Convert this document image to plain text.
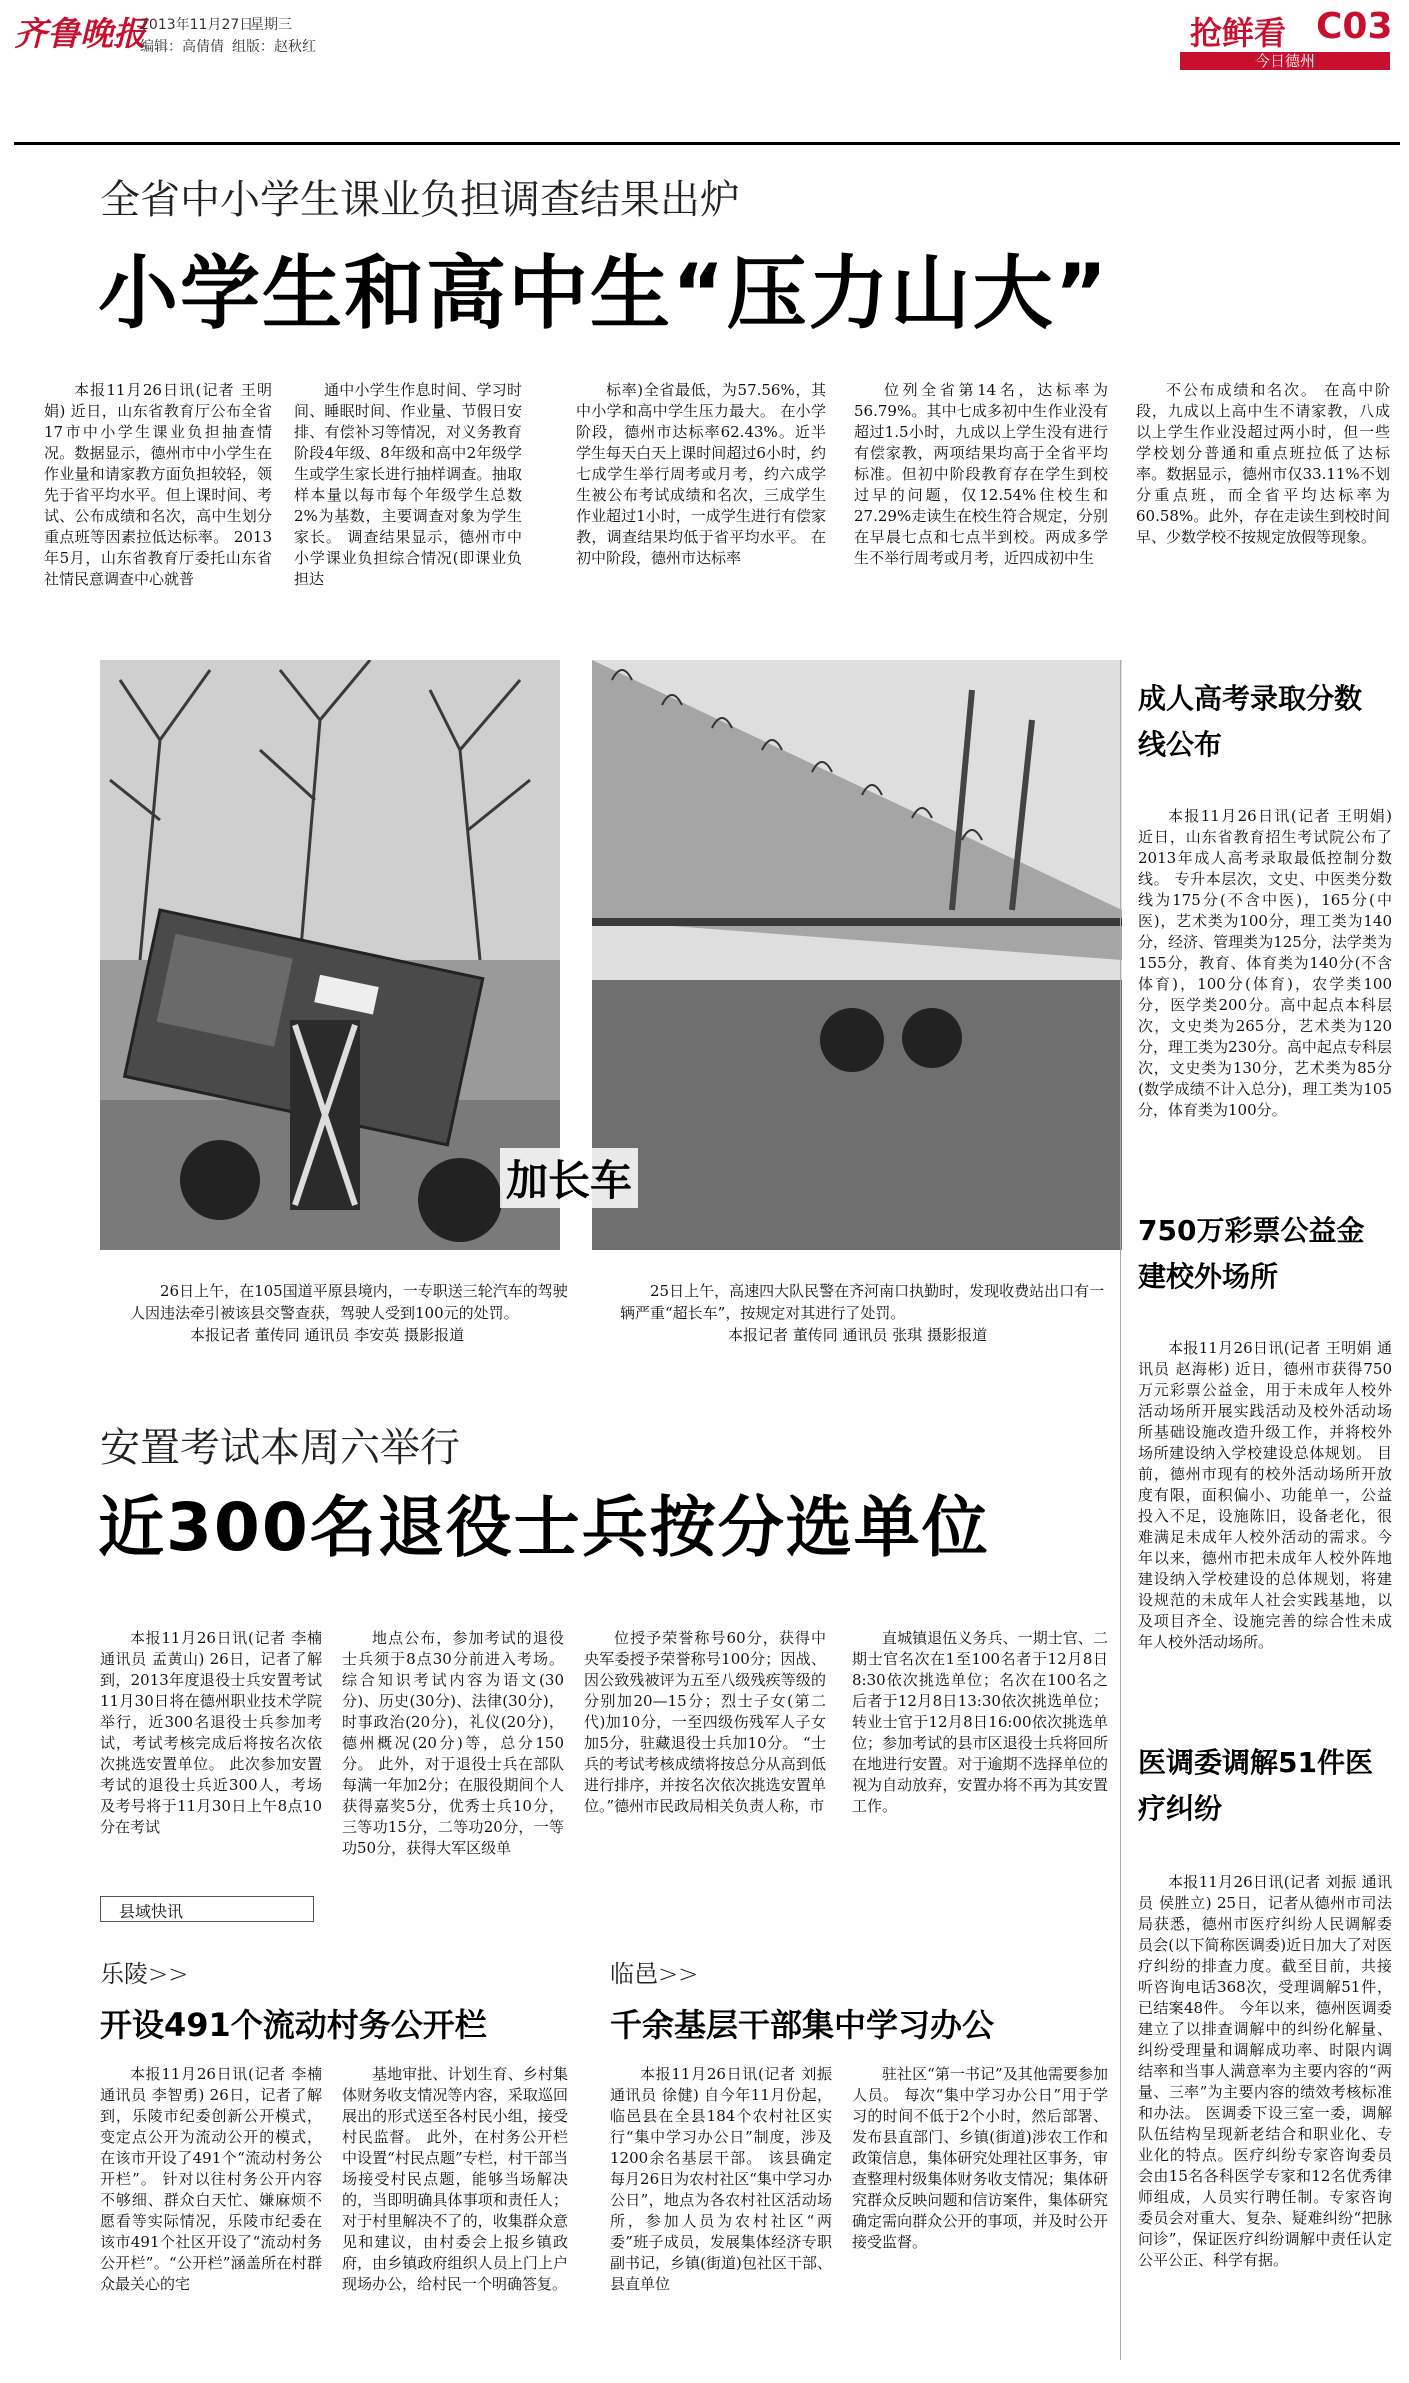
齐鲁晚报
2013年11月27日
星期三
编辑：高倩倩 组版：赵秋红	抢鲜看 C03
今日德州
全省中小学生课业负担调查结果出炉
小学生和高中生“压力山大”

本报11月26日讯(记者 王明娟) 近日，山东省教育厅公布全省17市中小学生课业负担抽查情况。数据显示，德州市中小学生在作业量和请家教方面负担较轻，领先于省平均水平。但上课时间、考试、公布成绩和名次，高中生划分重点班等因素拉低达标率。 2013年5月，山东省教育厅委托山东省社情民意调查中心就普

通中小学生作息时间、学习时间、睡眠时间、作业量、节假日安排、有偿补习等情况，对义务教育阶段4年级、8年级和高中2年级学生或学生家长进行抽样调查。抽取样本量以每市每个年级学生总数2%为基数，主要调查对象为学生家长。 调查结果显示，德州市中小学课业负担综合情况(即课业负担达

标率)全省最低，为57.56%，其中小学和高中学生压力最大。 在小学阶段，德州市达标率62.43%。近半学生每天白天上课时间超过6小时，约七成学生举行周考或月考，约六成学生被公布考试成绩和名次，三成学生作业超过1小时，一成学生进行有偿家教，调查结果均低于省平均水平。 在初中阶段，德州市达标率

位列全省第14名，达标率为56.79%。其中七成多初中生作业没有超过1.5小时，九成以上学生没有进行有偿家教，两项结果均高于全省平均标准。但初中阶段教育存在学生到校过早的问题，仅12.54%住校生和27.29%走读生在校生符合规定，分别在早晨七点和七点半到校。两成多学生不举行周考或月考，近四成初中生

不公布成绩和名次。 在高中阶段，九成以上高中生不请家教，八成以上学生作业没超过两小时，但一些学校划分普通和重点班拉低了达标率。数据显示，德州市仅33.11%不划分重点班，而全省平均达标率为60.58%。此外，存在走读生到校时间早、少数学校不按规定放假等现象。

加长车
26日上午，在105国道平原县境内，一专职送三轮汽车的驾驶人因违法牵引被该县交警查获，驾驶人受到100元的处罚。
本报记者 董传同 通讯员 李安英 摄影报道
25日上午，高速四大队民警在齐河南口执勤时，发现收费站出口有一辆严重“超长车”，按规定对其进行了处罚。
本报记者 董传同 通讯员 张琪 摄影报道
安置考试本周六举行
近300名退役士兵按分选单位

本报11月26日讯(记者 李楠 通讯员 孟黄山) 26日，记者了解到，2013年度退役士兵安置考试11月30日将在德州职业技术学院举行，近300名退役士兵参加考试，考试考核完成后将按名次依次挑选安置单位。 此次参加安置考试的退役士兵近300人，考场及考号将于11月30日上午8点10分在考试

地点公布，参加考试的退役士兵须于8点30分前进入考场。综合知识考试内容为语文(30分)、历史(30分)、法律(30分)，时事政治(20分)，礼仪(20分)，德州概况(20分)等，总分150分。 此外，对于退役士兵在部队每满一年加2分；在服役期间个人获得嘉奖5分，优秀士兵10分，三等功15分，二等功20分，一等功50分，获得大军区级单

位授予荣誉称号60分，获得中央军委授予荣誉称号100分；因战、因公致残被评为五至八级残疾等级的分别加20—15分；烈士子女(第二代)加10分，一至四级伤残军人子女加5分，驻藏退役士兵加10分。 “士兵的考试考核成绩将按总分从高到低进行排序，并按名次依次挑选安置单位。”德州市民政局相关负责人称，市

直城镇退伍义务兵、一期士官、二期士官名次在1至100名者于12月8日8:30依次挑选单位；名次在100名之后者于12月8日13:30依次挑选单位；转业士官于12月8日16:00依次挑选单位；参加考试的县市区退役士兵将回所在地进行安置。对于逾期不选择单位的视为自动放弃，安置办将不再为其安置工作。

成人高考录取分数线公布

本报11月26日讯(记者 王明娟) 近日，山东省教育招生考试院公布了2013年成人高考录取最低控制分数线。 专升本层次，文史、中医类分数线为175分(不含中医)，165分(中医)，艺术类为100分，理工类为140分，经济、管理类为125分，法学类为155分，教育、体育类为140分(不含体育)，100分(体育)，农学类100分，医学类200分。高中起点本科层次，文史类为265分，艺术类为120分，理工类为230分。高中起点专科层次，文史类为130分，艺术类为85分(数学成绩不计入总分)，理工类为105分，体育类为100分。

750万彩票公益金建校外场所

本报11月26日讯(记者 王明娟 通讯员 赵海彬) 近日，德州市获得750万元彩票公益金，用于未成年人校外活动场所开展实践活动及校外活动场所基础设施改造升级工作，并将校外场所建设纳入学校建设总体规划。 目前，德州市现有的校外活动场所开放度有限，面积偏小、功能单一，公益投入不足，设施陈旧，设备老化，很难满足未成年人校外活动的需求。今年以来，德州市把未成年人校外阵地建设纳入学校建设的总体规划，将建设规范的未成年人社会实践基地，以及项目齐全、设施完善的综合性未成年人校外活动场所。

医调委调解51件医疗纠纷

本报11月26日讯(记者 刘振 通讯员 侯胜立) 25日，记者从德州市司法局获悉，德州市医疗纠纷人民调解委员会(以下简称医调委)近日加大了对医疗纠纷的排查力度。截至目前，共接听咨询电话368次，受理调解51件，已结案48件。 今年以来，德州医调委建立了以排查调解中的纠纷化解量、纠纷受理量和调解成功率、时限内调结率和当事人满意率为主要内容的“两量、三率”为主要内容的绩效考核标准和办法。 医调委下设三室一委，调解队伍结构呈现新老结合和职业化、专业化的特点。医疗纠纷专家咨询委员会由15名各科医学专家和12名优秀律师组成，人员实行聘任制。专家咨询委员会对重大、复杂、疑难纠纷“把脉问诊”，保证医疗纠纷调解中责任认定公平公正、科学有据。

县域快讯
乐陵>>
开设491个流动村务公开栏

本报11月26日讯(记者 李楠 通讯员 李智勇) 26日，记者了解到，乐陵市纪委创新公开模式，变定点公开为流动公开的模式，在该市开设了491个“流动村务公开栏”。 针对以往村务公开内容不够细、群众白天忙、嫌麻烦不愿看等实际情况，乐陵市纪委在该市491个社区开设了“流动村务公开栏”。“公开栏”涵盖所在村群众最关心的宅

基地审批、计划生育、乡村集体财务收支情况等内容，采取巡回展出的形式送至各村民小组，接受村民监督。 此外，在村务公开栏中设置“村民点题”专栏，村干部当场接受村民点题，能够当场解决的，当即明确具体事项和责任人；对于村里解决不了的，收集群众意见和建议，由村委会上报乡镇政府，由乡镇政府组织人员上门上户现场办公，给村民一个明确答复。

临邑>>
千余基层干部集中学习办公

本报11月26日讯(记者 刘振 通讯员 徐健) 自今年11月份起，临邑县在全县184个农村社区实行“集中学习办公日”制度，涉及1200余名基层干部。 该县确定每月26日为农村社区“集中学习办公日”，地点为各农村社区活动场所，参加人员为农村社区“两委”班子成员，发展集体经济专职副书记，乡镇(街道)包社区干部、县直单位

驻社区“第一书记”及其他需要参加人员。 每次“集中学习办公日”用于学习的时间不低于2个小时，然后部署、发布县直部门、乡镇(街道)涉农工作和政策信息，集体研究处理社区事务，审查整理村级集体财务收支情况；集体研究群众反映问题和信访案件，集体研究确定需向群众公开的事项，并及时公开接受监督。
